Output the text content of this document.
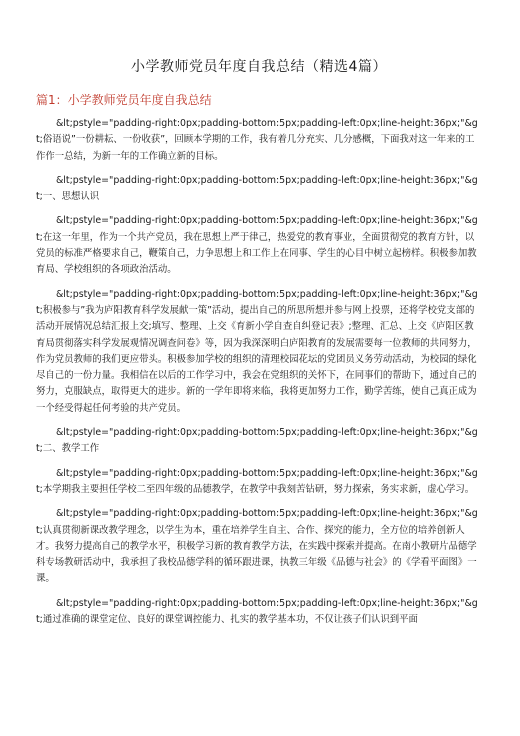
小学教师党员年度自我总结（精选4篇）
篇1：小学教师党员年度自我总结

&lt;pstyle="padding-right:0px;padding-bottom:5px;padding-left:0px;line-height:36px;"&gt;俗语说”一份耕耘、一份收获”，回顾本学期的工作，我有着几分充实、几分感概，下面我对这一年来的工作作一总结，为新一年的工作确立新的目标。

&lt;pstyle="padding-right:0px;padding-bottom:5px;padding-left:0px;line-height:36px;"&gt;一、思想认识

&lt;pstyle="padding-right:0px;padding-bottom:5px;padding-left:0px;line-height:36px;"&gt;在这一年里，作为一个共产党员，我在思想上严于律己，热爱党的教育事业，全面贯彻党的教育方针，以党员的标准严格要求自己，鞭策自己，力争思想上和工作上在同事、学生的心目中树立起榜样。积极参加教育局、学校组织的各项政治活动。

&lt;pstyle="padding-right:0px;padding-bottom:5px;padding-left:0px;line-height:36px;"&gt;积极参与”我为庐阳教育科学发展献一策”活动，提出自己的所思所想并参与网上投票，还将学校党支部的活动开展情况总结汇报上交;填写、整理、上交《育新小学自查自纠登记表》;整理、汇总、上交《庐阳区教育局贯彻落实科学发展观情况调查问卷》等，因为我深深明白庐阳教育的发展需要每一位教师的共同努力，作为党员教师的我们更应带头。积极参加学校的组织的清理校园花坛的党团员义务劳动活动，为校园的绿化尽自己的一份力量。我相信在以后的工作学习中，我会在党组织的关怀下，在同事们的帮助下，通过自己的努力，克服缺点，取得更大的进步。新的一学年即将来临，我将更加努力工作，勤学苦练，使自己真正成为一个经受得起任何考验的共产党员。

&lt;pstyle="padding-right:0px;padding-bottom:5px;padding-left:0px;line-height:36px;"&gt;二、教学工作

&lt;pstyle="padding-right:0px;padding-bottom:5px;padding-left:0px;line-height:36px;"&gt;本学期我主要担任学校二至四年级的品德教学，在教学中我刻苦钻研，努力探索，务实求新，虚心学习。

&lt;pstyle="padding-right:0px;padding-bottom:5px;padding-left:0px;line-height:36px;"&gt;认真贯彻新课改教学理念，以学生为本，重在培养学生自主、合作、探究的能力，全方位的培养创新人才。我努力提高自己的教学水平，积极学习新的教育教学方法，在实践中探索并提高。在南小教研片品德学科专场教研活动中，我承担了我校品德学科的循环跟进课，执教三年级《品德与社会》的《学看平面图》一课。

&lt;pstyle="padding-right:0px;padding-bottom:5px;padding-left:0px;line-height:36px;"&gt;通过准确的课堂定位、良好的课堂调控能力、扎实的教学基本功，不仅让孩子们认识到平面
